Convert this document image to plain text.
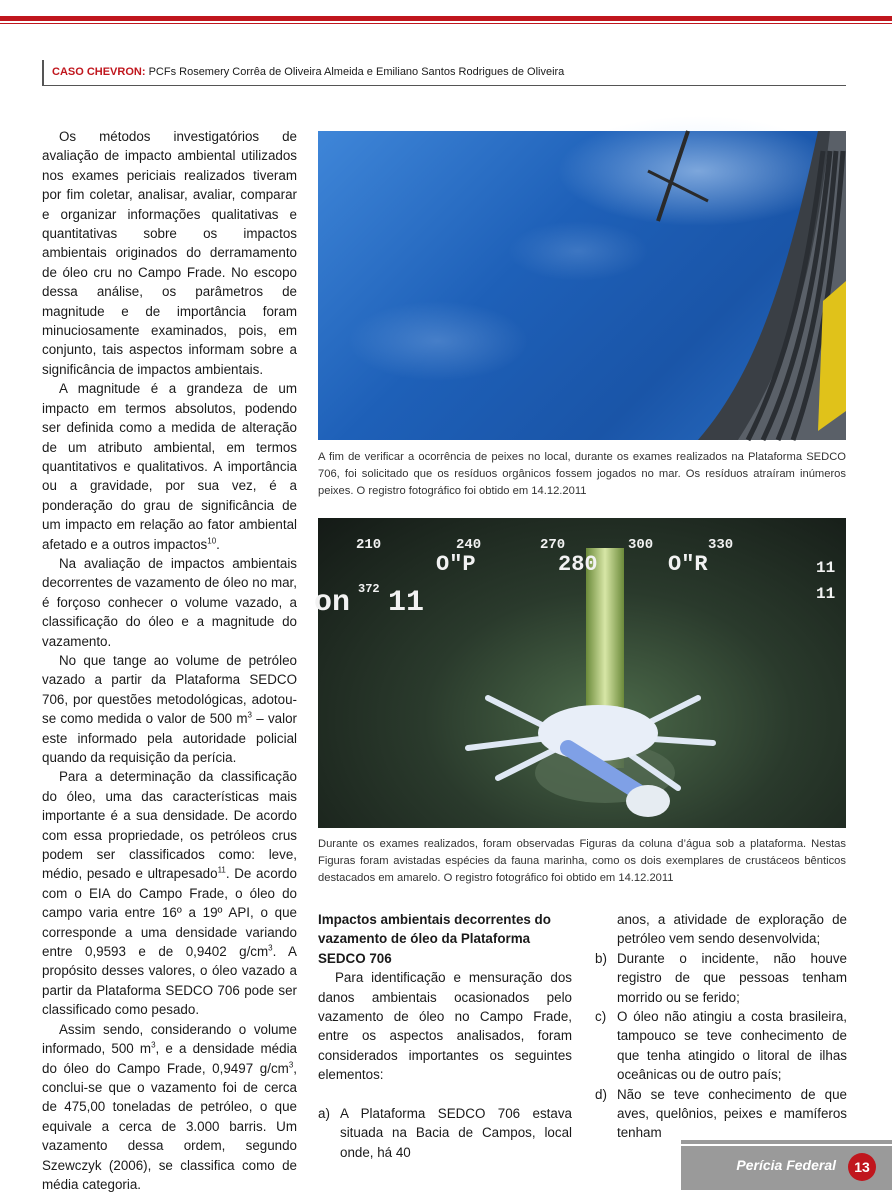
CASO CHEVRON: PCFs Rosemery Corrêa de Oliveira Almeida e Emiliano Santos Rodrigues de Oliveira

Os métodos investigatórios de avaliação de impacto ambiental utilizados nos exames periciais realizados tiveram por fim coletar, analisar, avaliar, comparar e organizar informações qualitativas e quantitativas sobre os impactos ambientais originados do derramamento de óleo cru no Campo Frade. No escopo dessa análise, os parâmetros de magnitude e de importância foram minuciosamente examinados, pois, em conjunto, tais aspectos informam sobre a significância de impactos ambientais.

A magnitude é a grandeza de um impacto em termos absolutos, podendo ser definida como a medida de alteração de um atributo ambiental, em termos quantitativos e qualitativos. A importância ou a gravidade, por sua vez, é a ponderação do grau de significância de um impacto em relação ao fator ambiental afetado e a outros impactos$^{10}$.

Na avaliação de impactos ambientais decorrentes de vazamento de óleo no mar, é forçoso conhecer o volume vazado, a classificação do óleo e a magnitude do vazamento.

No que tange ao volume de petróleo vazado a partir da Plataforma SEDCO 706, por questões metodológicas, adotou-se como medida o valor de 500 $m^3$ – valor este informado pela autoridade policial quando da requisição da perícia.

Para a determinação da classificação do óleo, uma das características mais importante é a sua densidade. De acordo com essa propriedade, os petróleos crus podem ser classificados como: leve, médio, pesado e ultrapesado$^{11}$. De acordo com o EIA do Campo Frade, o óleo do campo varia entre 16º a 19º API, o que corresponde a uma densidade variando entre 0,9593 e de 0,9402 $g/cm^3$. A propósito desses valores, o óleo vazado a partir da Plataforma SEDCO 706 pode ser classificado como pesado.

Assim sendo, considerando o volume informado, 500 $m^3$, e a densidade média do óleo do Campo Frade, 0,9497 $g/cm^3$, conclui-se que o vazamento foi de cerca de 475,00 toneladas de petróleo, o que equivale a cerca de 3.000 barris. Um vazamento dessa ordem, segundo Szewczyk (2006), se classifica como de média categoria.

A fim de verificar a ocorrência de peixes no local, durante os exames realizados na Plataforma SEDCO 706, foi solicitado que os resíduos orgânicos fossem jogados no mar. Os resíduos atraíram inúmeros peixes. O registro fotográfico foi obtido em 14.12.2011
210	240	270	300	330
O"P	280	O"R	11
11
on 372 11
Durante os exames realizados, foram observadas Figuras da coluna d’água sob a plataforma. Nestas Figuras foram avistadas espécies da fauna marinha, como os dois exemplares de crustáceos bênticos destacados em amarelo. O registro fotográfico foi obtido em 14.12.2011
Impactos ambientais decorrentes do vazamento de óleo da Plataforma SEDCO 706

Para identificação e mensuração dos danos ambientais ocasionados pelo vazamento de óleo no Campo Frade, entre os aspectos analisados, foram considerados importantes os seguintes elementos:

a) A Plataforma SEDCO 706 estava situada na Bacia de Campos, local onde, há 40
anos, a atividade de exploração de petróleo vem sendo desenvolvida;
b) Durante o incidente, não houve registro de que pessoas tenham morrido ou se ferido;
c) O óleo não atingiu a costa brasileira, tampouco se teve conhecimento de que tenha atingido o litoral de ilhas oceânicas ou de outro país;
d) Não se teve conhecimento de que aves, quelônios, peixes e mamíferos tenham
Perícia Federal	13
